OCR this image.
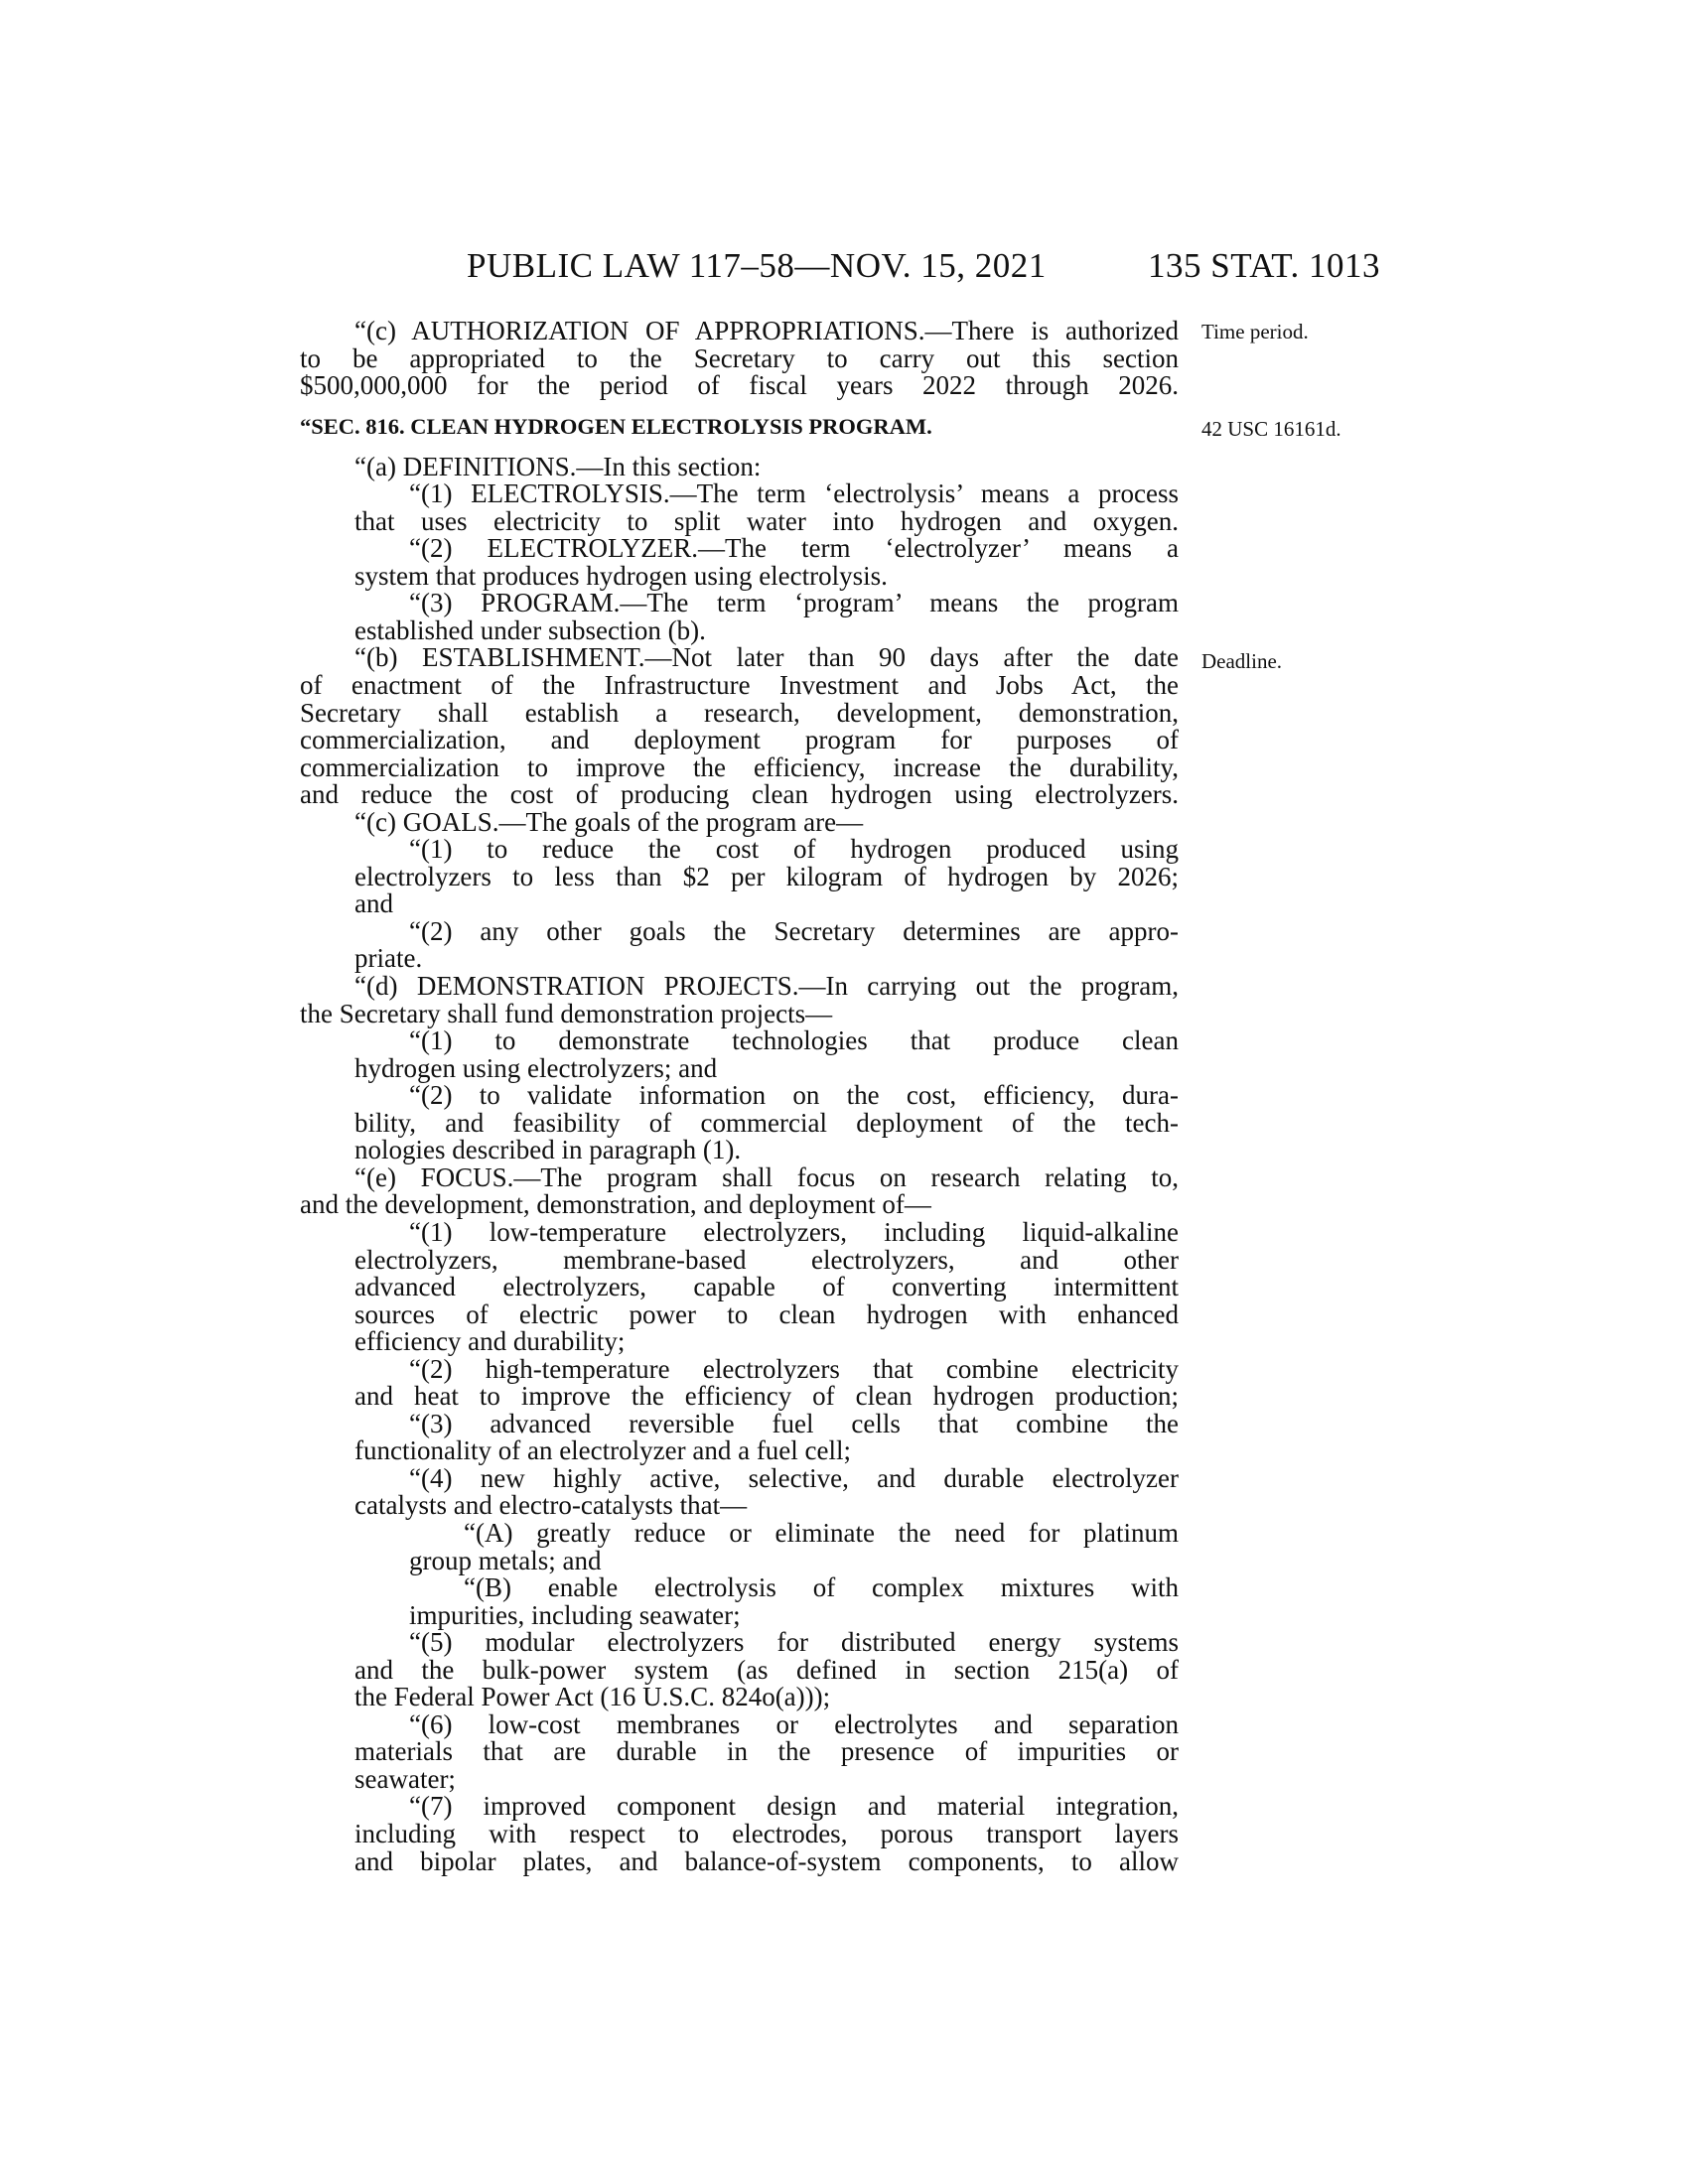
PUBLIC LAW 117–58—NOV. 15, 2021	135 STAT. 1013
Time period.
42 USC 16161d.
Deadline.
“(c) AUTHORIZATION OF APPROPRIATIONS.—There is authorized
to be appropriated to the Secretary to carry out this section
$500,000,000 for the period of fiscal years 2022 through 2026.
“SEC. 816. CLEAN HYDROGEN ELECTROLYSIS PROGRAM.
“(a) DEFINITIONS.—In this section:
“(1) ELECTROLYSIS.—The term ‘electrolysis’ means a process
that uses electricity to split water into hydrogen and oxygen.
“(2) ELECTROLYZER.—The term ‘electrolyzer’ means a
system that produces hydrogen using electrolysis.
“(3) PROGRAM.—The term ‘program’ means the program
established under subsection (b).
“(b) ESTABLISHMENT.—Not later than 90 days after the date
of enactment of the Infrastructure Investment and Jobs Act, the
Secretary shall establish a research, development, demonstration,
commercialization, and deployment program for purposes of
commercialization to improve the efficiency, increase the durability,
and reduce the cost of producing clean hydrogen using electrolyzers.
“(c) GOALS.—The goals of the program are—
“(1) to reduce the cost of hydrogen produced using
electrolyzers to less than $2 per kilogram of hydrogen by 2026;
and
“(2) any other goals the Secretary determines are appro-
priate.
“(d) DEMONSTRATION PROJECTS.—In carrying out the program,
the Secretary shall fund demonstration projects—
“(1) to demonstrate technologies that produce clean
hydrogen using electrolyzers; and
“(2) to validate information on the cost, efficiency, dura-
bility, and feasibility of commercial deployment of the tech-
nologies described in paragraph (1).
“(e) FOCUS.—The program shall focus on research relating to,
and the development, demonstration, and deployment of—
“(1) low-temperature electrolyzers, including liquid-alkaline
electrolyzers, membrane-based electrolyzers, and other
advanced electrolyzers, capable of converting intermittent
sources of electric power to clean hydrogen with enhanced
efficiency and durability;
“(2) high-temperature electrolyzers that combine electricity
and heat to improve the efficiency of clean hydrogen production;
“(3) advanced reversible fuel cells that combine the
functionality of an electrolyzer and a fuel cell;
“(4) new highly active, selective, and durable electrolyzer
catalysts and electro-catalysts that—
“(A) greatly reduce or eliminate the need for platinum
group metals; and
“(B) enable electrolysis of complex mixtures with
impurities, including seawater;
“(5) modular electrolyzers for distributed energy systems
and the bulk-power system (as defined in section 215(a) of
the Federal Power Act (16 U.S.C. 824o(a)));
“(6) low-cost membranes or electrolytes and separation
materials that are durable in the presence of impurities or
seawater;
“(7) improved component design and material integration,
including with respect to electrodes, porous transport layers
and bipolar plates, and balance-of-system components, to allow
